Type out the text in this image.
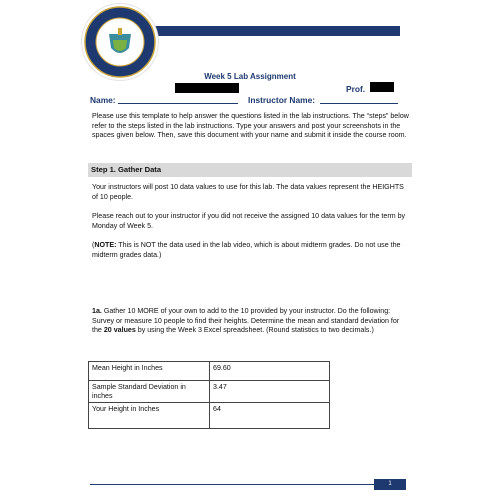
Week 5 Lab Assignment
Prof.
Name:	Instructor Name:
Please use this template to help answer the questions listed in the lab instructions. The “steps” below refer to the steps listed in the lab instructions. Type your answers and post your screenshots in the spaces given below. Then, save this document with your name and submit it inside the course room.
Step 1. Gather Data
Your instructors will post 10 data values to use for this lab. The data values represent the HEIGHTS of 10 people.
Please reach out to your instructor if you did not receive the assigned 10 data values for the term by Monday of Week 5.
(NOTE: This is NOT the data used in the lab video, which is about midterm grades. Do not use the midterm grades data.)
1a. Gather 10 MORE of your own to add to the 10 provided by your instructor. Do the following: Survey or measure 10 people to find their heights. Determine the mean and standard deviation for the 20 values by using the Week 3 Excel spreadsheet. (Round statistics to two decimals.)
Mean Height in Inches	69.60
Sample Standard Deviation in inches	3.47
Your Height in Inches	64
1
